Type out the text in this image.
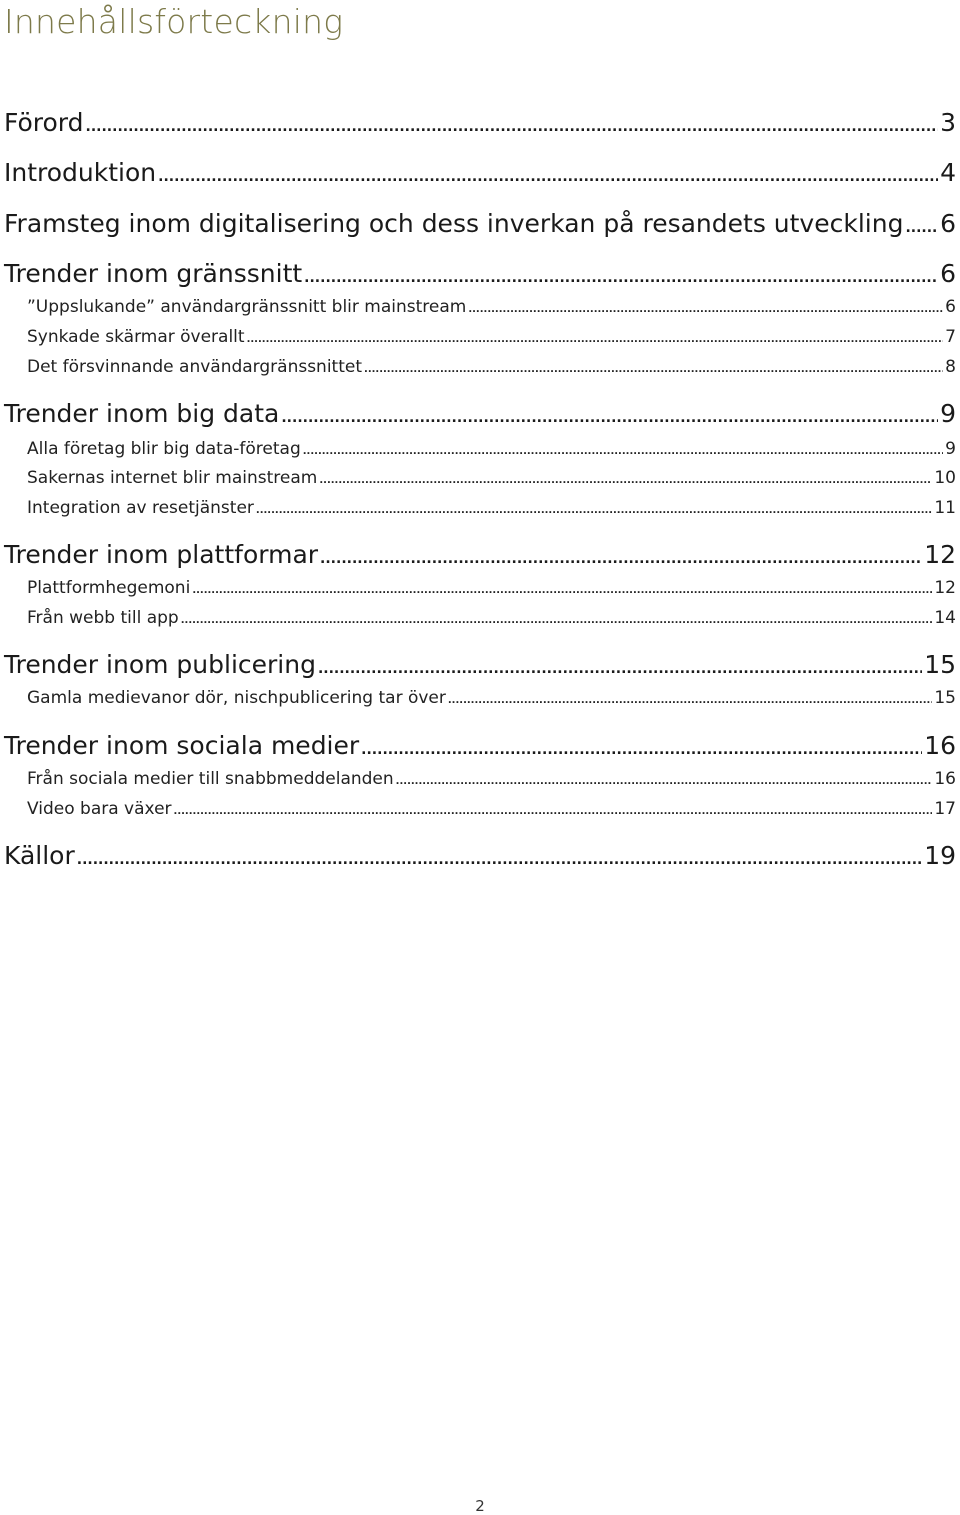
Innehållsförteckning
Förord .....	3
Introduktion .....	4
Framsteg inom digitalisering och dess inverkan på resandets utveckling ..... 6
Trender inom gränssnitt .....	6
”Uppslukande” användargränssnitt blir mainstream .....	6
Synkade skärmar överallt .....	7
Det försvinnande användargränssnittet .....	8
Trender inom big data .....	9
Alla företag blir big data-företag .....	9
Sakernas internet blir mainstream .....	10
Integration av resetjänster .....	11
Trender inom plattformar .....	12
Plattformhegemoni .....	12
Från webb till app .....	14
Trender inom publicering .....	15
Gamla medievanor dör, nischpublicering tar över .....	15
Trender inom sociala medier .....	16
Från sociala medier till snabbmeddelanden .....	16
Video bara växer .....	17
Källor .....	19
2
